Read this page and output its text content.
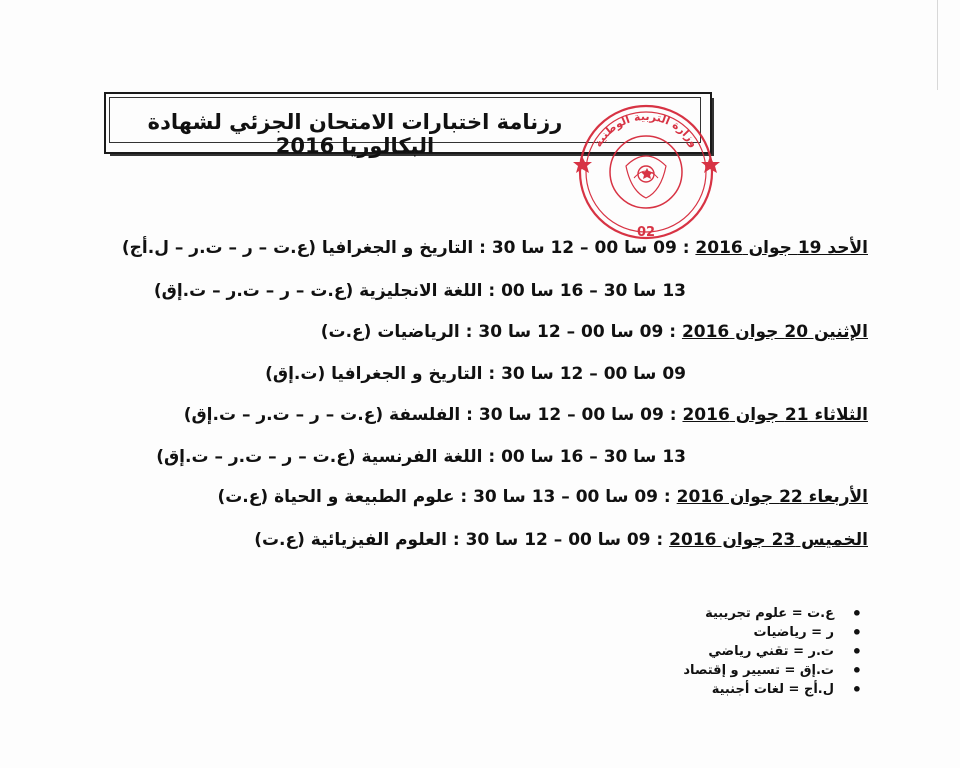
رزنامة اختبارات الامتحان الجزئي لشهادة البكالوريا 2016	وزارة التربية الوطنية
02
الأحد 19 جوان 2016 : 09 سا 00 – 12 سا 30 : التاريخ و الجغرافيا (ع.ت – ر – ت.ر – ل.أج)
13 سا 30 – 16 سا 00 : اللغة الانجليزية (ع.ت – ر – ت.ر – ت.إق)
الإثنين 20 جوان 2016 : 09 سا 00 – 12 سا 30 : الرياضيات (ع.ت)
09 سا 00 – 12 سا 30 : التاريخ و الجغرافيا (ت.إق)
الثلاثاء 21 جوان 2016 : 09 سا 00 – 12 سا 30 : الفلسفة (ع.ت – ر – ت.ر – ت.إق)
13 سا 30 – 16 سا 00 : اللغة الفرنسية (ع.ت – ر – ت.ر – ت.إق)
الأربعاء 22 جوان 2016 : 09 سا 00 – 13 سا 30 : علوم الطبيعة و الحياة (ع.ت)
الخميس 23 جوان 2016 : 09 سا 00 – 12 سا 30 : العلوم الفيزيائية (ع.ت)
• ع.ت = علوم تجريبية
• ر = رياضيات
• ت.ر = تقني رياضي
• ت.إق = تسيير و إقتصاد
• ل.أج = لغات أجنبية
